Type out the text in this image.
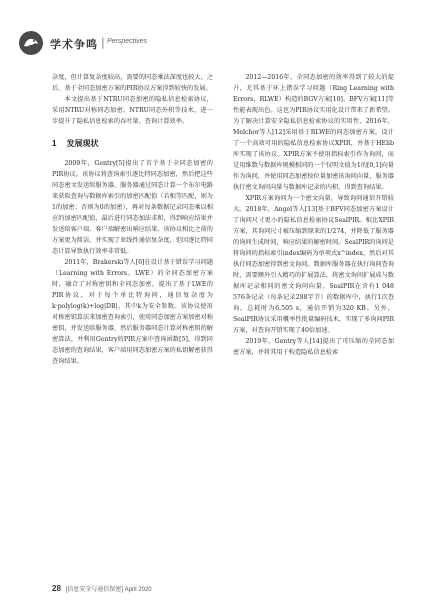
学术争鸣 | Perspectives

杂度，但计算复杂度较高，需要的同态乘法深度也较大。之后，基于全同态加密方案的PIR协议方案得到较快的发展。

本文提出基于NTRU同态加密的隐私信息检索协议，采用NTRU对称同态加密、NTRU同态外积等技术，进一步提升了隐私信息检索的吞吐量、查询计算效率。

1 发展现状

2009年，Gentry[5]提出了首个基于全同态加密的PIR协议。该协议将查询索引逐比特同态加密，然后把这些同态密文发送给服务器，服务器通过同态计算一个布尔电路来获取查询与数据库索引的加密匹配值（若相等匹配，则为1的加密；否则为0的加密），再对每条数据记录同态乘以相应的加密匹配值，最后进行同态加法求和，得到响应结果并发送给客户端。客户端解密出响应结果。该协议相比之前的方案更为简洁，并实现了亚线性通信复杂度，但因逐比特同态计算导致执行效率非常低。

2011年，Brakerski等人[6]在设计基于错误学习问题（Learning with Errors，LWE）的全同态加密方案时，融合了对称密钥和全同态加密，提出了基于LWE的PIR协议，对于每个单比特询问，通信复杂度为k·polylog(k)+log|DB|，其中k为安全参数。该协议使用对称密钥算法来加密查询索引，使用同态加密方案加密对称密钥，并发送给服务器，然后服务器同态计算对称密钥的解密算法，并利用Gentry的PIR方案中查询函数[5]，得到同态加密的查询结果，客户端用同态加密方案的私钥解密获得查询结果。

2012—2016年，全同态加密的效率得到了较大的提升，尤其基于环上错误学习问题（Ring Learning with Errors，RLWE）构造的BGV方案[10]、BFV方案[11]等性能表现出色。这也为PIR协议实用化设计带来了新希望。为了解决计算安全隐私信息检索协议的实用性，2016年，Melchor等人[12]采用基于RLWE的同态加密方案，设计了一个高效可用的隐私信息检索协议XPIR，并基于HElib库实现了该协议。XPIR方案不使用指标索引作为询问，而是用维数与数据库规模相同的一个仅明文值为1的[0,1]向量作为询问，并使用同态加密按位量加密该询问向量，服务器执行密文询问向量与数据库记录的内积，得到查询结果。

XPIR方案询问为一个密文向量，导致询问通信开销较大。2018年，Angel等人[13]基于BFV同态加密方案设计了询问尺寸更小的隐私信息检索协议SealPIR。相比XPIR方案，其询问尺寸被压缩到原来的1/274，并降低了服务器的询问生成时间，响应结果的解密时间。SealPIR的询问是将询问的指标索引index编码为单项式x^index，然后对其执行同态加密得到密文询问。数据库服务器在执行询问查询时，需要额外引入精巧的扩展算法，将密文询问扩展成与数据库记录相同的密文询问向量。SealPIR在含有1 048 576条记录（每条记录288字节）的数据库中，执行1次查询，总耗时为6.505 s，通信开销为320 KB。另外，SealPIR协议采用概率性批量编码技术，实现了多询问PIR方案，对查询开销实现了40倍加速。

2019年，Gentry等人[14]提出了可压缩的全同态加密方案，并将其用于构造隐私信息检索

28 [信息安全与通信保密] April 2020
